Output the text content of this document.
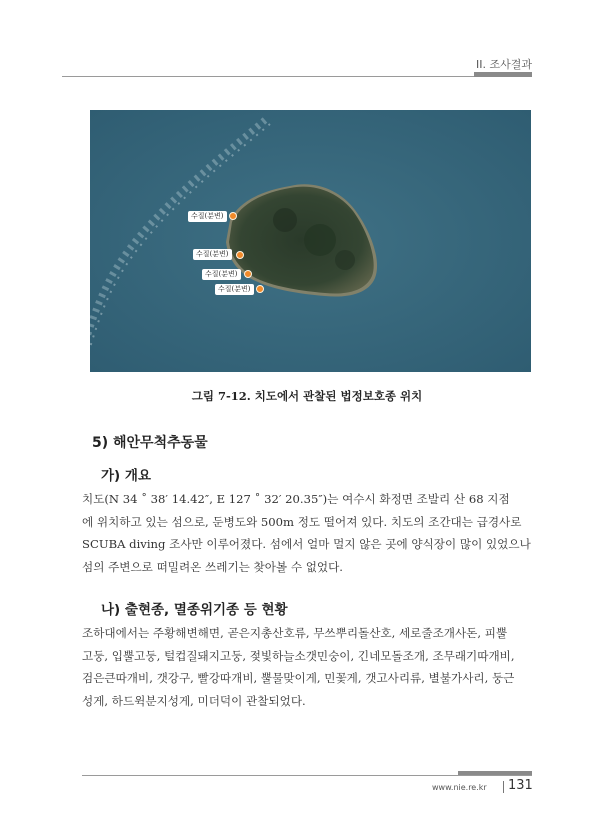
II. 조사결과
수질(분변)
수질(분변)
수질(분변)
수질(분변)
그림 7-12. 치도에서 관찰된 법정보호종 위치
5) 해안무척추동물
가) 개요
치도(N 34 ˚ 38′ 14.42″, E 127 ˚ 32′ 20.35″)는 여수시 화정면 조발리 산 68 지점
에 위치하고 있는 섬으로, 둔병도와 500m 정도 떨어져 있다. 치도의 조간대는 급경사로
SCUBA diving 조사만 이루어졌다. 섬에서 얼마 멀지 않은 곳에 양식장이 많이 있었으나
섬의 주변으로 떠밀려온 쓰레기는 찾아볼 수 없었다.
나) 출현종, 멸종위기종 등 현황
조하대에서는 주황해변해면, 곧은지총산호류, 무쓰뿌리돌산호, 세로줄조개사돈, 피뿔
고둥, 입뿔고둥, 털컵질돼지고둥, 젖빛하늘소갯민숭이, 긴네모돌조개, 조무래기따개비,
검은큰따개비, 갯강구, 빨강따개비, 뿔물맞이게, 민꽃게, 갯고사리류, 별불가사리, 둥근
성게, 하드윅분지성게, 미더덕이 관찰되었다.
www.nie.re.kr 131
